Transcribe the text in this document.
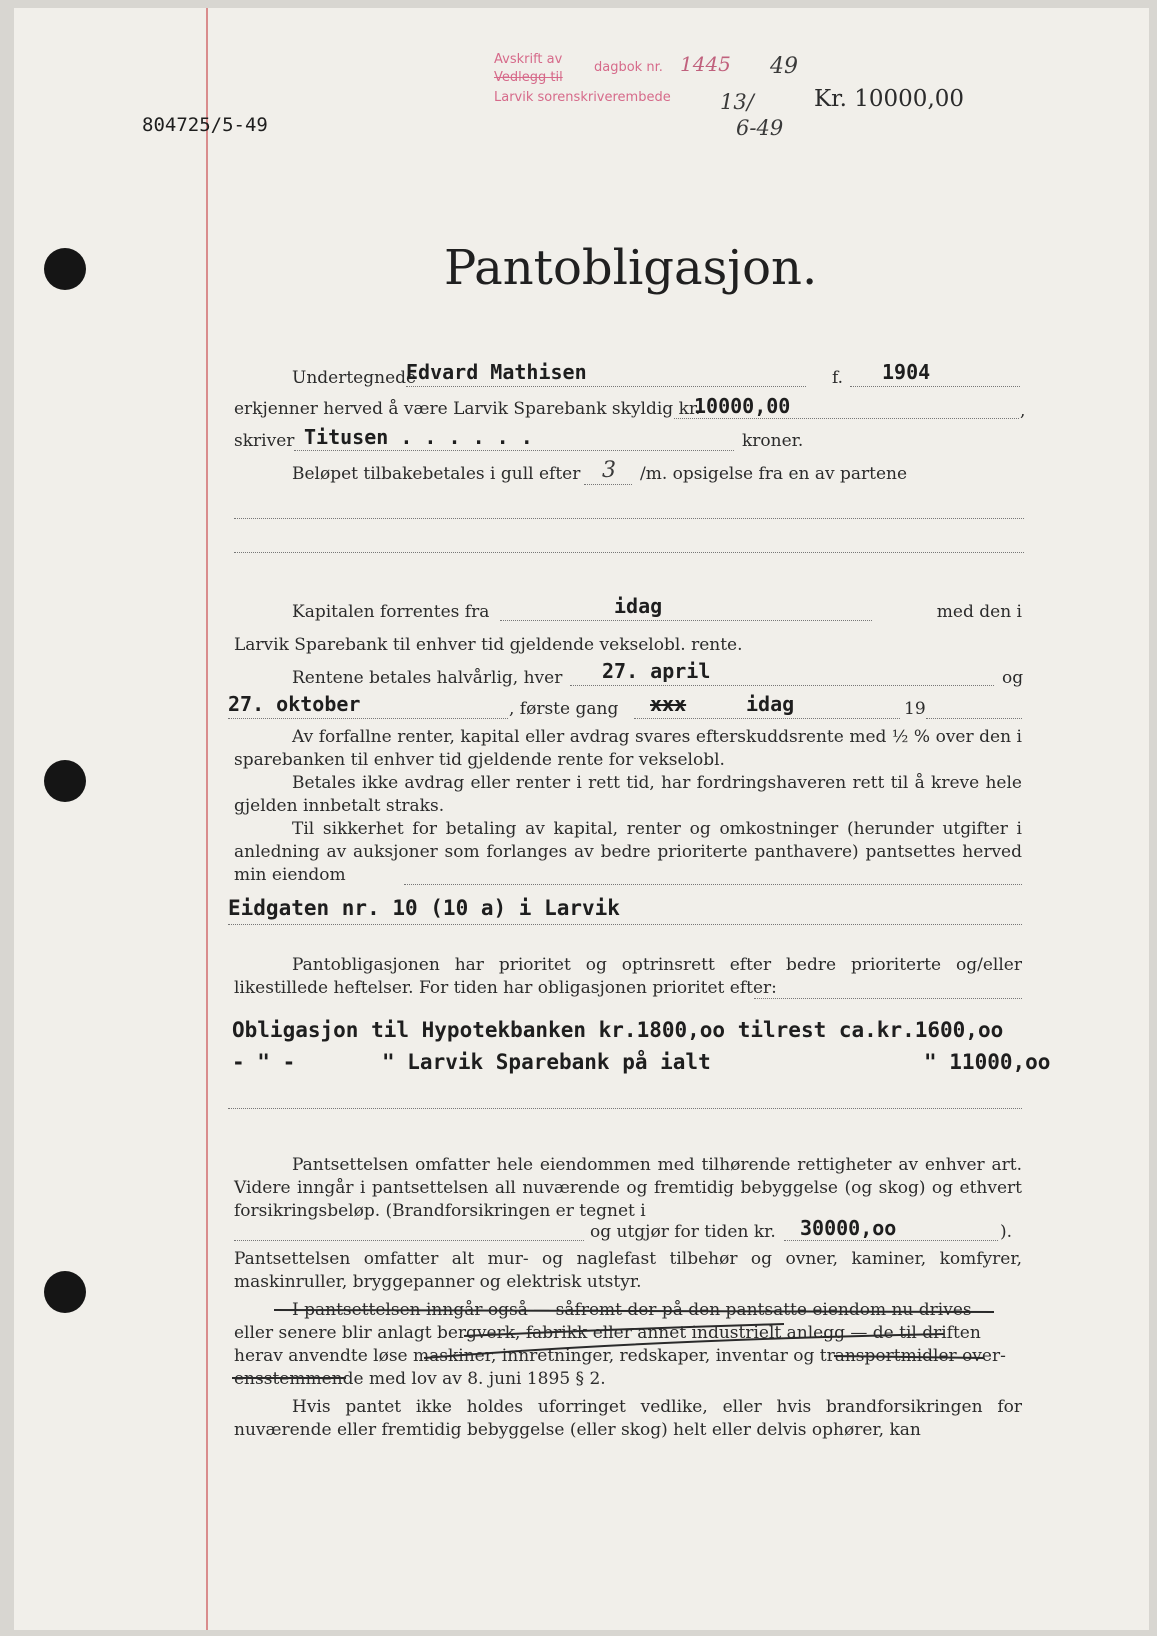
804725/5-49
Avskrift av
Vedlegg til
dagbok nr.
Larvik sorenskriverembede
1445 49
13/
6-49
Kr. 10000,00
Pantobligasjon.
Undertegnede
Edvard Mathisen	f. 1904
erkjenner herved å være Larvik Sparebank skyldig kr.
10000,00	,
skriver Titusen . . . . . .	kroner.
Beløpet tilbakebetales i gull efter 3 /m. opsigelse fra en av partene
Kapitalen forrentes fra	idag	med den i
Larvik Sparebank til enhver tid gjeldende vekselobl. rente.
Rentene betales halvårlig, hver 27. april	og
27. oktober	, første gang xxx	idag	19
Av forfallne renter, kapital eller avdrag svares efterskuddsrente med ½ % over den i sparebanken til enhver tid gjeldende rente for vekselobl.
Betales ikke avdrag eller renter i rett tid, har fordringshaveren rett til å kreve hele gjelden innbetalt straks.
Til sikkerhet for betaling av kapital, renter og omkostninger (herunder utgifter i anledning av auksjoner som forlanges av bedre prioriterte panthavere) pantsettes herved min eiendom
Eidgaten nr. 10 (10 a) i Larvik
Pantobligasjonen har prioritet og optrinsrett efter bedre prioriterte og/eller likestillede heftelser. For tiden har obligasjonen prioritet efter:
Obligasjon til Hypotekbanken kr.1800,oo tilrest ca.kr.1600,oo
- " -	" Larvik Sparebank på ialt	" 11000,oo
Pantsettelsen omfatter hele eiendommen med tilhørende rettigheter av enhver art. Videre inngår i pantsettelsen all nuværende og fremtidig bebyggelse (og skog) og ethvert forsikringsbeløp. (Brandforsikringen er tegnet i
og utgjør for tiden kr. 30000,oo	).
Pantsettelsen omfatter alt mur- og naglefast tilbehør og ovner, kaminer, komfyrer, maskinruller, bryggepanner og elektrisk utstyr.
I pantsettelsen inngår også — såfremt der på den pantsatte eiendom nu drives
eller senere blir anlagt bergverk, fabrikk eller annet industrielt anlegg — de til driften
herav anvendte løse maskiner, innretninger, redskaper, inventar og transportmidler over-
ensstemmende med lov av 8. juni 1895 § 2.
Hvis pantet ikke holdes uforringet vedlike, eller hvis brandforsikringen for nuværende eller fremtidig bebyggelse (eller skog) helt eller delvis ophører, kan
